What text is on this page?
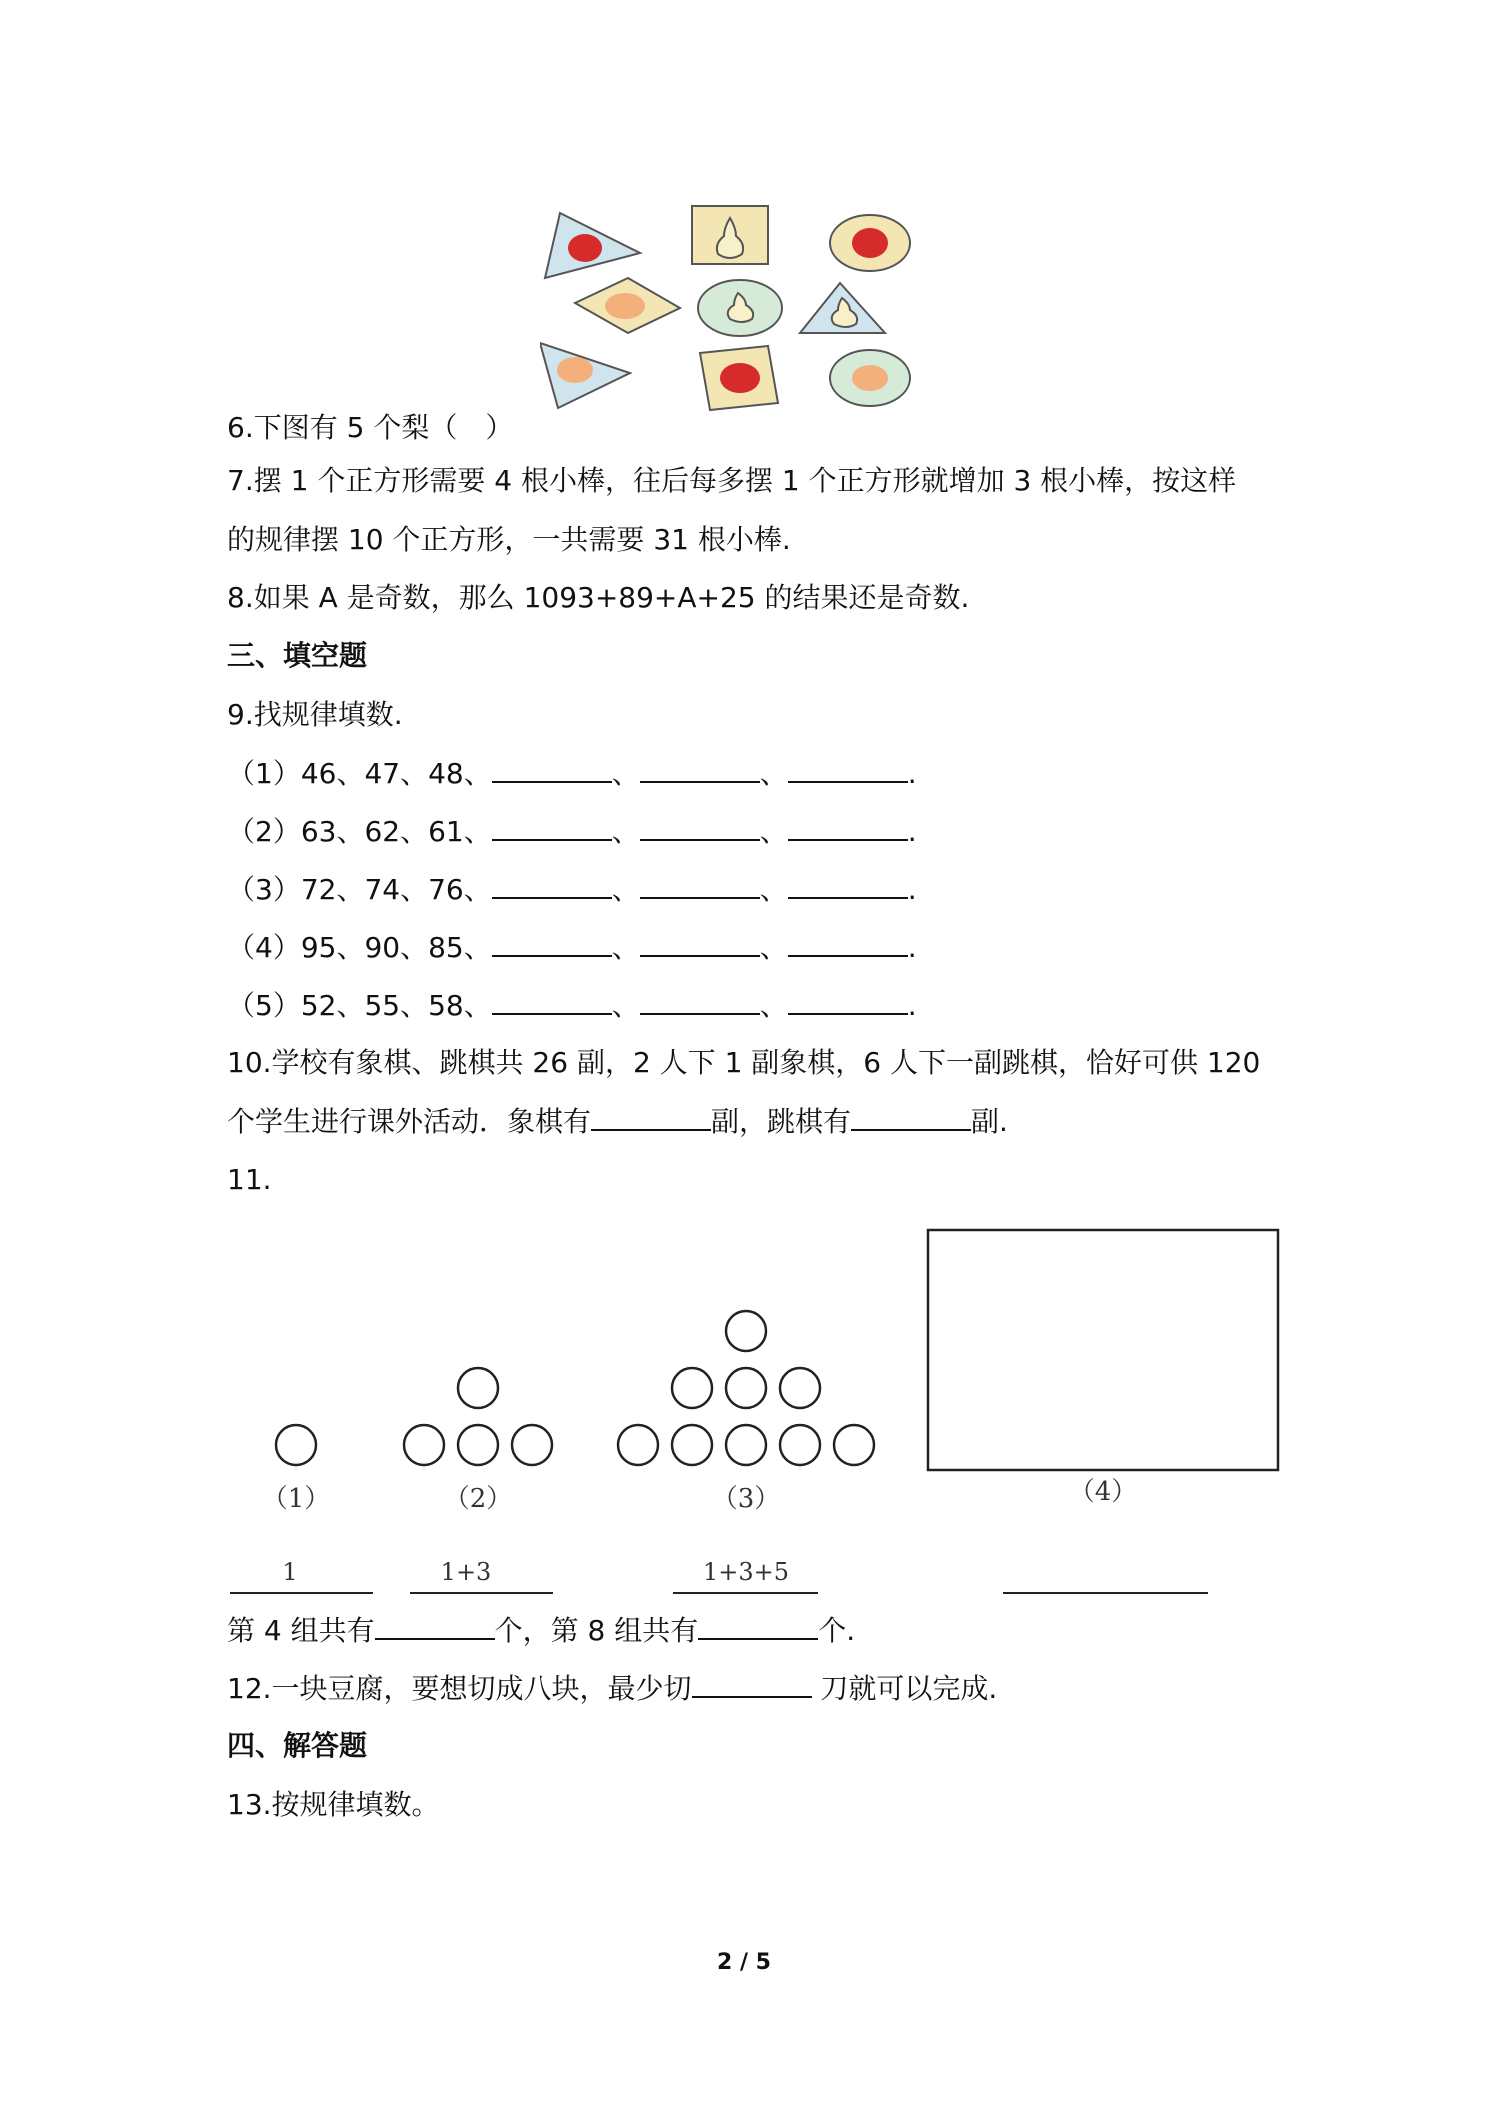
6.下图有 5 个梨（　）
7.摆 1 个正方形需要 4 根小棒，往后每多摆 1 个正方形就增加 3 根小棒，按这样
的规律摆 10 个正方形，一共需要 31 根小棒.
8.如果 A 是奇数，那么 1093+89+A+25 的结果还是奇数.
三、填空题
9.找规律填数.
（1）46、47、48、	、	、	.
（2）63、62、61、	、	、	.
（3）72、74、76、	、	、	.
（4）95、90、85、	、	、	.
（5）52、55、58、	、	、	.
10.学校有象棋、跳棋共 26 副，2 人下 1 副象棋，6 人下一副跳棋，恰好可供 120
个学生进行课外活动．象棋有	副，跳棋有	副.
11.
（1）	（2）	（3）	（4）
1	1+3	1+3+5
第 4 组共有	个，第 8 组共有	个.
12.一块豆腐，要想切成八块，最少切	刀就可以完成.
四、解答题
13.按规律填数。
2 / 5
